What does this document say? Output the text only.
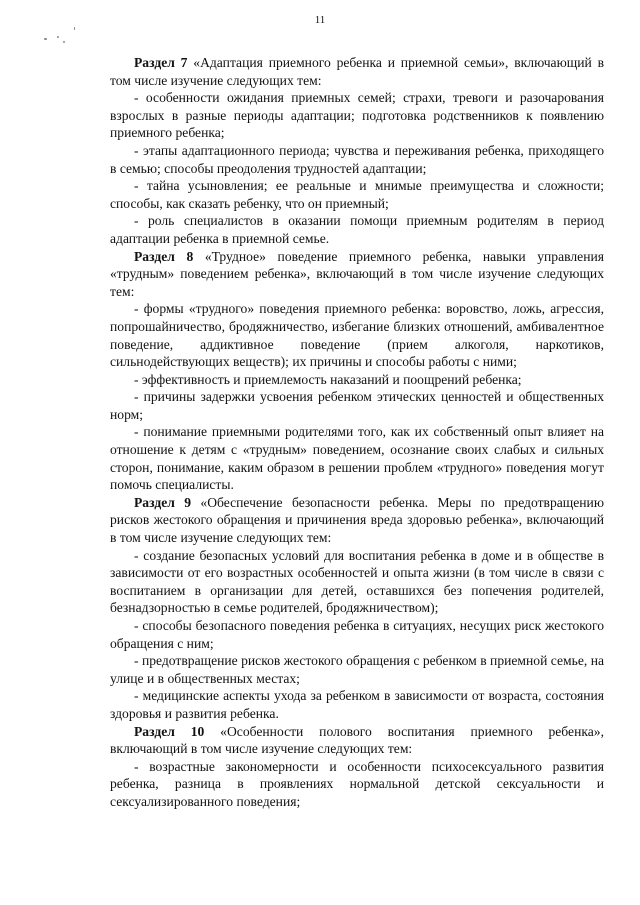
11

Раздел 7 «Адаптация приемного ребенка и приемной семьи», включающий в том числе изучение следующих тем:

- особенности ожидания приемных семей; страхи, тревоги и разочарования взрослых в разные периоды адаптации; подготовка родственников к появлению приемного ребенка;

- этапы адаптационного периода; чувства и переживания ребенка, приходящего в семью; способы преодоления трудностей адаптации;

- тайна усыновления; ее реальные и мнимые преимущества и сложности; способы, как сказать ребенку, что он приемный;

- роль специалистов в оказании помощи приемным родителям в период адаптации ребенка в приемной семье.

Раздел 8 «Трудное» поведение приемного ребенка, навыки управления «трудным» поведением ребенка», включающий в том числе изучение следующих тем:

- формы «трудного» поведения приемного ребенка: воровство, ложь, агрессия, попрошайничество, бродяжничество, избегание близких отношений, амбивалентное поведение, аддиктивное поведение (прием алкоголя, наркотиков, сильнодействующих веществ); их причины и способы работы с ними;

- эффективность и приемлемость наказаний и поощрений ребенка;

- причины задержки усвоения ребенком этических ценностей и общественных норм;

- понимание приемными родителями того, как их собственный опыт влияет на отношение к детям с «трудным» поведением, осознание своих слабых и сильных сторон, понимание, каким образом в решении проблем «трудного» поведения могут помочь специалисты.

Раздел 9 «Обеспечение безопасности ребенка. Меры по предотвращению рисков жестокого обращения и причинения вреда здоровью ребенка», включающий в том числе изучение следующих тем:

- создание безопасных условий для воспитания ребенка в доме и в обществе в зависимости от его возрастных особенностей и опыта жизни (в том числе в связи с воспитанием в организации для детей, оставшихся без попечения родителей, безнадзорностью в семье родителей, бродяжничеством);

- способы безопасного поведения ребенка в ситуациях, несущих риск жестокого обращения с ним;

- предотвращение рисков жестокого обращения с ребенком в приемной семье, на улице и в общественных местах;

- медицинские аспекты ухода за ребенком в зависимости от возраста, состояния здоровья и развития ребенка.

Раздел 10 «Особенности полового воспитания приемного ребенка», включающий в том числе изучение следующих тем:

- возрастные закономерности и особенности психосексуального развития ребенка, разница в проявлениях нормальной детской сексуальности и сексуализированного поведения;
